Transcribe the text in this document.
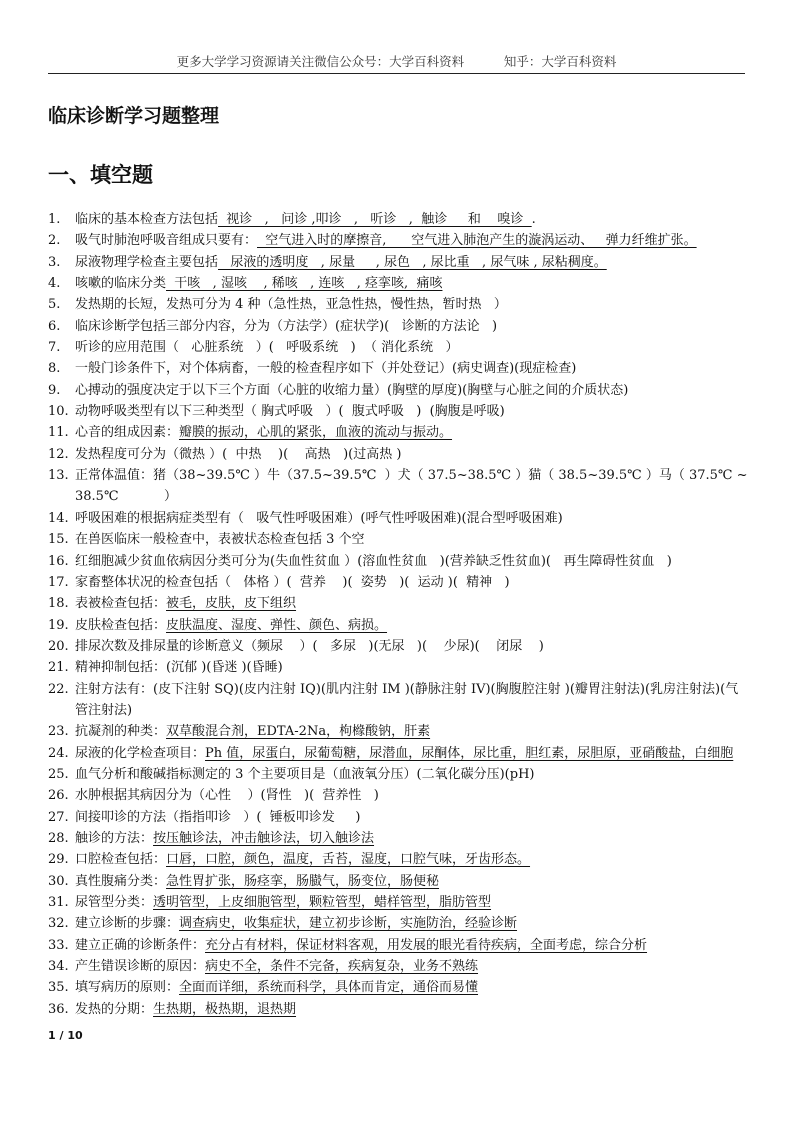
更多大学学习资源请关注微信公众号：大学百科资料          知乎：大学百科资料
临床诊断学习题整理
一、填空题
1.	临床的基本检查方法包括  视诊   ,   问诊 ,叩诊   ,   听诊   ,  触诊     和    嗅诊  .
2.	吸气时肺泡呼吸音组成只要有：  空气进入时的摩擦音,      空气进入肺泡产生的漩涡运动、   弹力纤维扩张。
3.	尿液物理学检查主要包括   尿液的透明度   , 尿量     , 尿色   , 尿比重   , 尿气味 , 尿粘稠度。
4.	咳嗽的临床分类  干咳   , 湿咳    , 稀咳   , 连咳   , 痉挛咳,  痛咳
5.	发热期的长短，发热可分为 4 种（急性热，亚急性热，慢性热，暂时热   ）
6.	临床诊断学包括三部分内容，分为（方法学）(症状学)(   诊断的方法论   )
7.	听诊的应用范围（   心脏系统   ）(   呼吸系统   )  （ 消化系统   ）
8.	一般门诊条件下，对个体病畜，一般的检查程序如下（并处登记）(病史调查)(现症检查)
9.	心搏动的强度决定于以下三个方面（心脏的收缩力量）(胸壁的厚度)(胸壁与心脏之间的介质状态)
10. 动物呼吸类型有以下三种类型（ 胸式呼吸   ）(  腹式呼吸   )  (胸腹是呼吸)
11. 心音的组成因素：瓣膜的振动，心肌的紧张，血液的流动与振动。
12. 发热程度可分为（微热 ）(  中热    )(    高热   )(过高热 )
13. 正常体温值：猪（38~39.5℃ ）牛（37.5~39.5℃  ）犬（ 37.5~38.5℃ ）猫（ 38.5~39.5℃ ）马（ 37.5℃ ~38.5℃           ）
14. 呼吸困难的根据病症类型有（   吸气性呼吸困难）(呼气性呼吸困难)(混合型呼吸困难)
15. 在兽医临床一般检查中，表被状态检查包括 3 个空
16. 红细胞减少贫血依病因分类可分为(失血性贫血 ）(溶血性贫血   )(营养缺乏性贫血)(   再生障碍性贫血   )
17. 家畜整体状况的检查包括（   体格 ）(  营养    )(  姿势   )(  运动 )(  精神   )
18. 表被检查包括：被毛，皮肤，皮下组织
19. 皮肤检查包括：皮肤温度、湿度、弹性、颜色、病损。
20. 排尿次数及排尿量的诊断意义（频尿    ）(   多尿   )(无尿   )(    少尿)(    闭尿    )
21. 精神抑制包括：(沉郁 )(昏迷 )(昏睡)
22. 注射方法有：(皮下注射 SQ)(皮内注射 IQ)(肌内注射 IM )(静脉注射 IV)(胸腹腔注射 )(瓣胃注射法)(乳房注射法)(气管注射法)
23. 抗凝剂的种类：双草酸混合剂，EDTA-2Na，枸橼酸钠，肝素
24. 尿液的化学检查项目：Ph 值，尿蛋白，尿葡萄糖，尿潜血，尿酮体，尿比重，胆红素，尿胆原，亚硝酸盐，白细胞
25. 血气分析和酸碱指标测定的 3 个主要项目是（血液氧分压）(二氧化碳分压)(pH)
26. 水肿根据其病因分为（心性    ）(肾性   )(  营养性   )
27. 间接叩诊的方法（指指叩诊   ）(  锤板叩诊发     )
28. 触诊的方法：按压触诊法，冲击触诊法，切入触诊法
29. 口腔检查包括：口唇，口腔，颜色，温度，舌苔，湿度，口腔气味，牙齿形态。
30. 真性腹痛分类：急性胃扩张，肠痉挛，肠臌气，肠变位，肠便秘
31. 尿管型分类：透明管型，上皮细胞管型，颗粒管型，蜡样管型，脂肪管型
32. 建立诊断的步骤：调查病史，收集症状，建立初步诊断，实施防治，经验诊断
33. 建立正确的诊断条件：充分占有材料，保证材料客观，用发展的眼光看待疾病，全面考虑，综合分析
34. 产生错误诊断的原因：病史不全，条件不完备，疾病复杂，业务不熟练
35. 填写病历的原则：全面而详细，系统而科学，具体而肯定，通俗而易懂
36. 发热的分期：生热期，极热期，退热期
1 / 10
